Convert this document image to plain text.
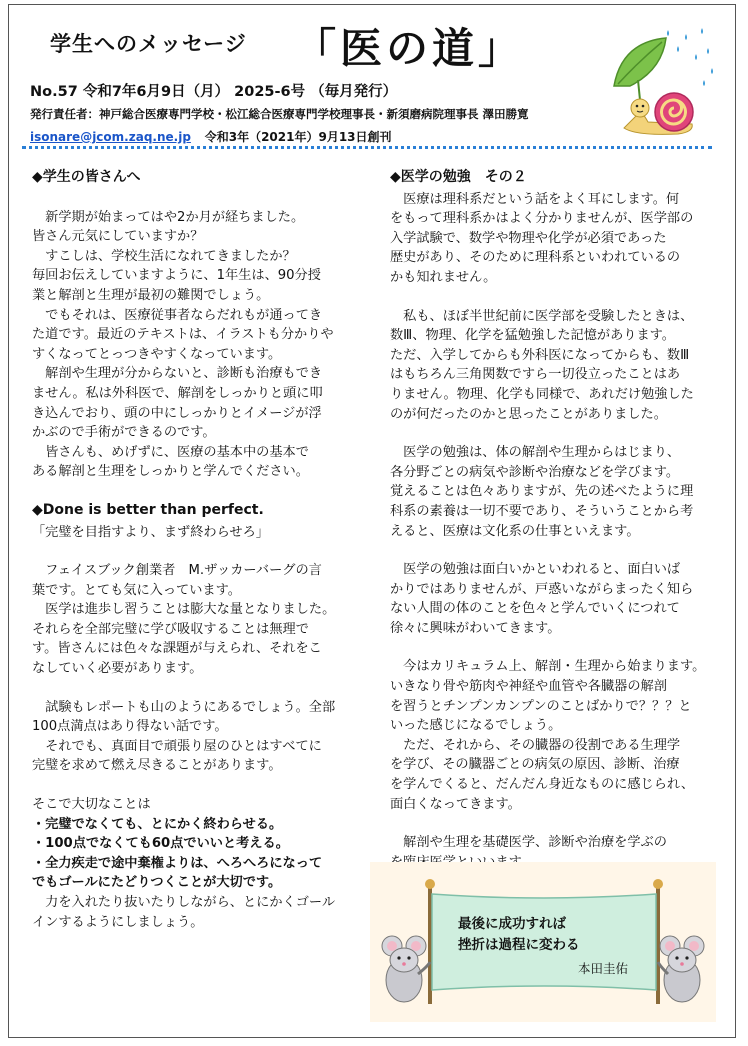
学生へのメッセージ 「医の道」
No.57 令和7年6月9日（月） 2025-6号 （毎月発行）
発行責任者：神戸総合医療専門学校・松江総合医療専門学校理事長・新須磨病院理事長 澤田勝寛
isonare@jcom.zaq.ne.jp 令和3年（2021年）9月13日創刊
◆学生の皆さんへ
　新学期が始まってはや2か月が経ちました。
皆さん元気にしていますか？
　すこしは、学校生活になれてきましたか？
毎回お伝えしていますように、1年生は、90分授
業と解剖と生理が最初の難関でしょう。
　でもそれは、医療従事者ならだれもが通ってき
た道です。最近のテキストは、イラストも分かりや
すくなってとっつきやすくなっています。
　解剖や生理が分からないと、診断も治療もでき
ません。私は外科医で、解剖をしっかりと頭に叩
き込んでおり、頭の中にしっかりとイメージが浮
かぶので手術ができるのです。
　皆さんも、めげずに、医療の基本中の基本で
ある解剖と生理をしっかりと学んでください。
◆Done is better than perfect.
「完璧を目指すより、まず終わらせろ」
　フェイスブック創業者　M.ザッカーバーグの言
葉です。とても気に入っています。
　医学は進歩し習うことは膨大な量となりました。
それらを全部完璧に学び吸収することは無理で
す。皆さんには色々な課題が与えられ、それをこ
なしていく必要があります。
　試験もレポートも山のようにあるでしょう。全部
100点満点はあり得ない話です。
　それでも、真面目で頑張り屋のひとはすべてに
完璧を求めて燃え尽きることがあります。
そこで大切なことは
・完璧でなくても、とにかく終わらせる。
・100点でなくても60点でいいと考える。
・全力疾走で途中棄権よりは、へろへろになって
でもゴールにたどりつくことが大切です。
　力を入れたり抜いたりしながら、とにかくゴール
インするようにしましょう。
◆医学の勉強　その２
　医療は理科系だという話をよく耳にします。何
をもって理科系かはよく分かりませんが、医学部の
入学試験で、数学や物理や化学が必須であった
歴史があり、そのために理科系といわれているの
かも知れません。
　私も、ほぼ半世紀前に医学部を受験したときは、
数Ⅲ、物理、化学を猛勉強した記憶があります。
ただ、入学してからも外科医になってからも、数Ⅲ
はもちろん三角関数ですら一切役立ったことはあ
りません。物理、化学も同様で、あれだけ勉強した
のが何だったのかと思ったことがありました。
　医学の勉強は、体の解剖や生理からはじまり、
各分野ごとの病気や診断や治療などを学びます。
覚えることは色々ありますが、先の述べたように理
科系の素養は一切不要であり、そういうことから考
えると、医療は文化系の仕事といえます。
　医学の勉強は面白いかといわれると、面白いば
かりではありませんが、戸惑いながらまったく知ら
ない人間の体のことを色々と学んでいくにつれて
徐々に興味がわいてきます。
　今はカリキュラム上、解剖・生理から始まります。
いきなり骨や筋肉や神経や血管や各臓器の解剖
を習うとチンプンカンプンのことばかりで？？？と
いった感じになるでしょう。
　ただ、それから、その臓器の役割である生理学
を学び、その臓器ごとの病気の原因、診断、治療
を学んでくると、だんだん身近なものに感じられ、
面白くなってきます。
　解剖や生理を基礎医学、診断や治療を学ぶの
最後に成功すれば
挫折は過程に変わる
本田圭佑
